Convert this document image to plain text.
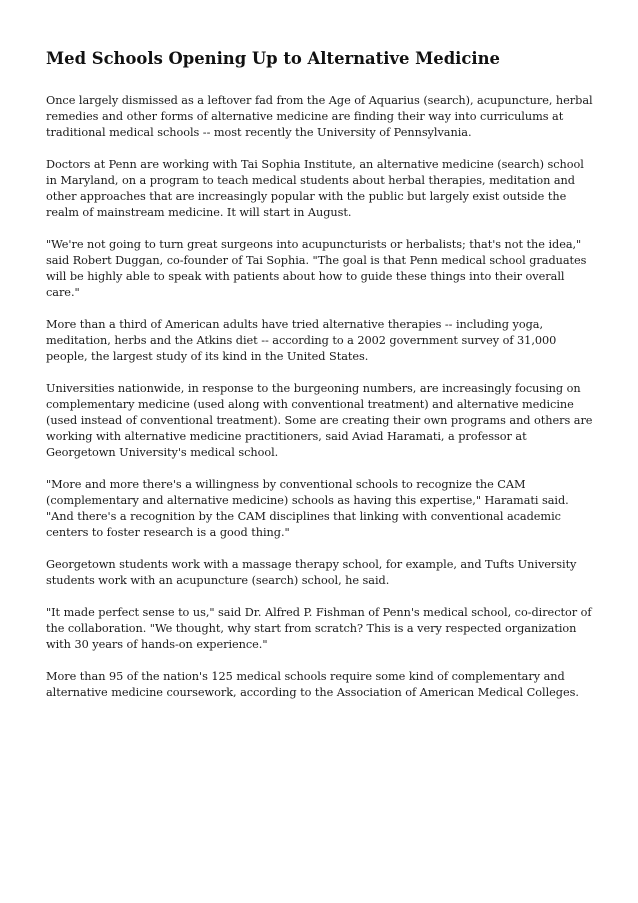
Med Schools Opening Up to Alternative Medicine

Once largely dismissed as a leftover fad from the Age of Aquarius (search), acupuncture, herbal remedies and other forms of alternative medicine are finding their way into curriculums at traditional medical schools -- most recently the University of Pennsylvania.

Doctors at Penn are working with Tai Sophia Institute, an alternative medicine (search) school in Maryland, on a program to teach medical students about herbal therapies, meditation and other approaches that are increasingly popular with the public but largely exist outside the realm of mainstream medicine. It will start in August.

"We're not going to turn great surgeons into acupuncturists or herbalists; that's not the idea," said Robert Duggan, co-founder of Tai Sophia. "The goal is that Penn medical school graduates will be highly able to speak with patients about how to guide these things into their overall care."

More than a third of American adults have tried alternative therapies -- including yoga, meditation, herbs and the Atkins diet -- according to a 2002 government survey of 31,000 people, the largest study of its kind in the United States.

Universities nationwide, in response to the burgeoning numbers, are increasingly focusing on complementary medicine (used along with conventional treatment) and alternative medicine (used instead of conventional treatment). Some are creating their own programs and others are working with alternative medicine practitioners, said Aviad Haramati, a professor at Georgetown University's medical school.

"More and more there's a willingness by conventional schools to recognize the CAM (complementary and alternative medicine) schools as having this expertise," Haramati said. "And there's a recognition by the CAM disciplines that linking with conventional academic centers to foster research is a good thing."

Georgetown students work with a massage therapy school, for example, and Tufts University students work with an acupuncture (search) school, he said.

"It made perfect sense to us," said Dr. Alfred P. Fishman of Penn's medical school, co-director of the collaboration. "We thought, why start from scratch? This is a very respected organization with 30 years of hands-on experience."

More than 95 of the nation's 125 medical schools require some kind of complementary and alternative medicine coursework, according to the Association of American Medical Colleges.
